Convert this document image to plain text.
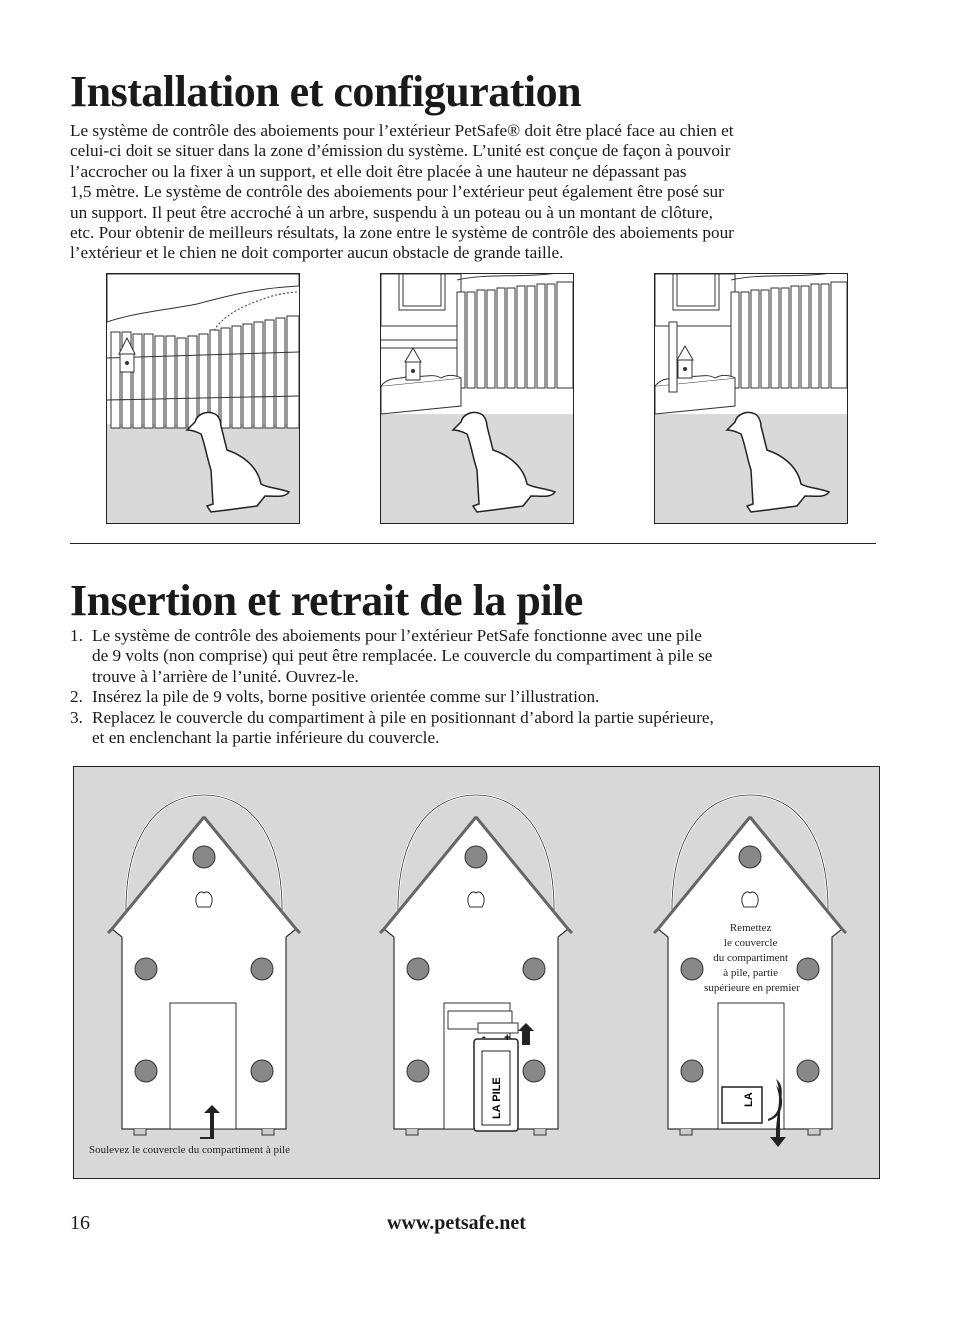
Installation et configuration
Le système de contrôle des aboiements pour l’extérieur PetSafe® doit être placé face au chien et
celui-ci doit se situer dans la zone d’émission du système. L’unité est conçue de façon à pouvoir
l’accrocher ou la fixer à un support, et elle doit être placée à une hauteur ne dépassant pas
1,5 mètre. Le système de contrôle des aboiements pour l’extérieur peut également être posé sur
un support. Il peut être accroché à un arbre, suspendu à un poteau ou à un montant de clôture,
etc. Pour obtenir de meilleurs résultats, la zone entre le système de contrôle des aboiements pour
l’extérieur et le chien ne doit comporter aucun obstacle de grande taille.
Insertion et retrait de la pile
1. Le système de contrôle des aboiements pour l’extérieur PetSafe fonctionne avec une pile
de 9 volts (non comprise) qui peut être remplacée. Le couvercle du compartiment à pile se
trouve à l’arrière de l’unité. Ouvrez-le.
2. Insérez la pile de 9 volts, borne positive orientée comme sur l’illustration.
3. Replacez le couvercle du compartiment à pile en positionnant d’abord la partie supérieure,
et en enclenchant la partie inférieure du couvercle.
Soulevez le couvercle du compartiment à pile
LA PILE
- +
LA
Remettez le couvercle du compartiment à pile, partie supérieure en premier
16	www.petsafe.net
